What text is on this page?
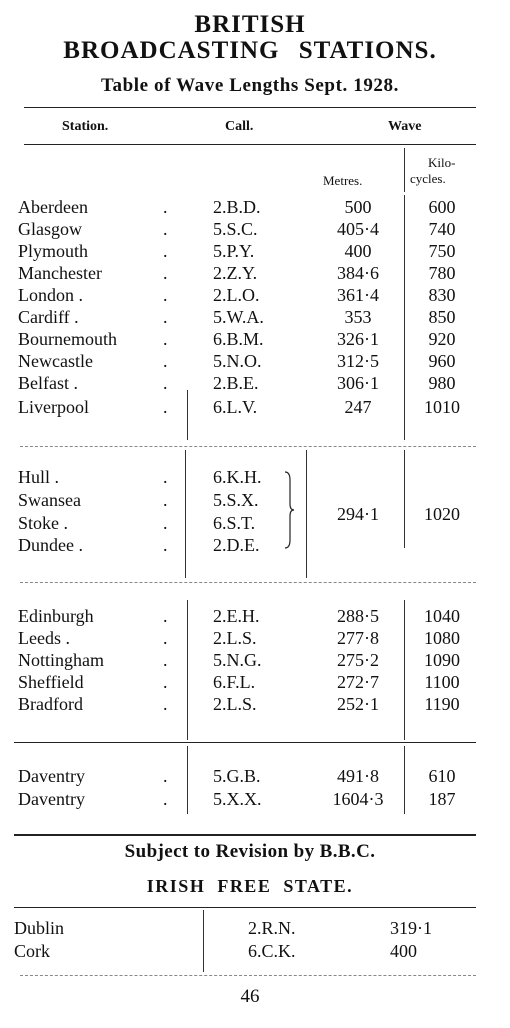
BRITISH
BROADCASTING STATIONS.
Table of Wave Lengths Sept. 1928.
Station.	Call.	Wave
Metres.
Kilo-
cycles.
Aberdeen	.	2.B.D.	500	600
Glasgow	.	5.S.C.	405·4	740
Plymouth	.	5.P.Y.	400	750
Manchester	.	2.Z.Y.	384·6	780
London .	.	2.L.O.	361·4	830
Cardiff .	.	5.W.A.	353	850
Bournemouth	.	6.B.M.	326·1	920
Newcastle	.	5.N.O.	312·5	960
Belfast .	.	2.B.E.	306·1	980
Liverpool	.	6.L.V.	247	1010
Hull .	.	6.K.H.
Swansea	.	5.S.X.
Stoke .	.	6.S.T.
Dundee .	.	2.D.E.
294·1	1020
Edinburgh	.	2.E.H.	288·5	1040
Leeds .	.	2.L.S.	277·8	1080
Nottingham	.	5.N.G.	275·2	1090
Sheffield	.	6.F.L.	272·7	1100
Bradford	.	2.L.S.	252·1	1190
Daventry	.	5.G.B.	491·8	610
Daventry	.	5.X.X.	1604·3	187
Subject to Revision by B.B.C.
IRISH FREE STATE.
Dublin	2.R.N.	319·1
Cork	6.C.K.	400
46
